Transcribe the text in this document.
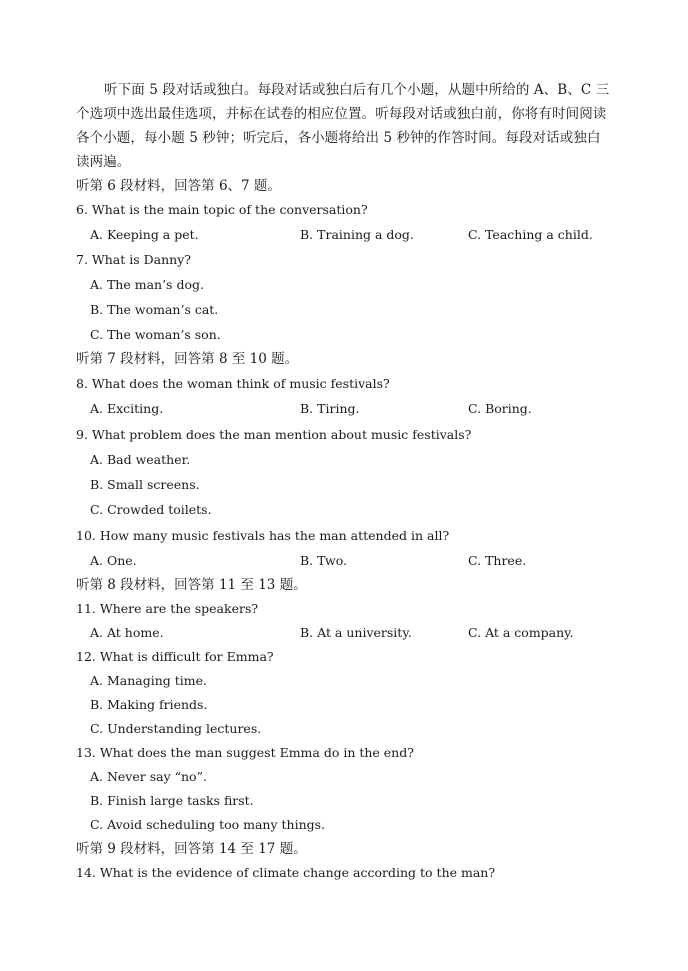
听下面 5 段对话或独白。每段对话或独白后有几个小题，从题中所给的 A、B、C 三个选项中选出最佳选项，并标在试卷的相应位置。听每段对话或独白前，你将有时间阅读各个小题，每小题 5 秒钟；听完后，各小题将给出 5 秒钟的作答时间。每段对话或独白读两遍。

听第 6 段材料，回答第 6、7 题。
6. What is the main topic of the conversation?
A. Keeping a pet.	B. Training a dog.	C. Teaching a child.
7. What is Danny?
A. The man’s dog.
B. The woman’s cat.
C. The woman’s son.
听第 7 段材料，回答第 8 至 10 题。
8. What does the woman think of music festivals?
A. Exciting.	B. Tiring.	C. Boring.
9. What problem does the man mention about music festivals?
A. Bad weather.
B. Small screens.
C. Crowded toilets.
10. How many music festivals has the man attended in all?
A. One.	B. Two.	C. Three.
听第 8 段材料，回答第 11 至 13 题。
11. Where are the speakers?
A. At home.	B. At a university.	C. At a company.
12. What is difficult for Emma?
A. Managing time.
B. Making friends.
C. Understanding lectures.
13. What does the man suggest Emma do in the end?
A. Never say “no”.
B. Finish large tasks first.
C. Avoid scheduling too many things.
听第 9 段材料，回答第 14 至 17 题。
14. What is the evidence of climate change according to the man?
